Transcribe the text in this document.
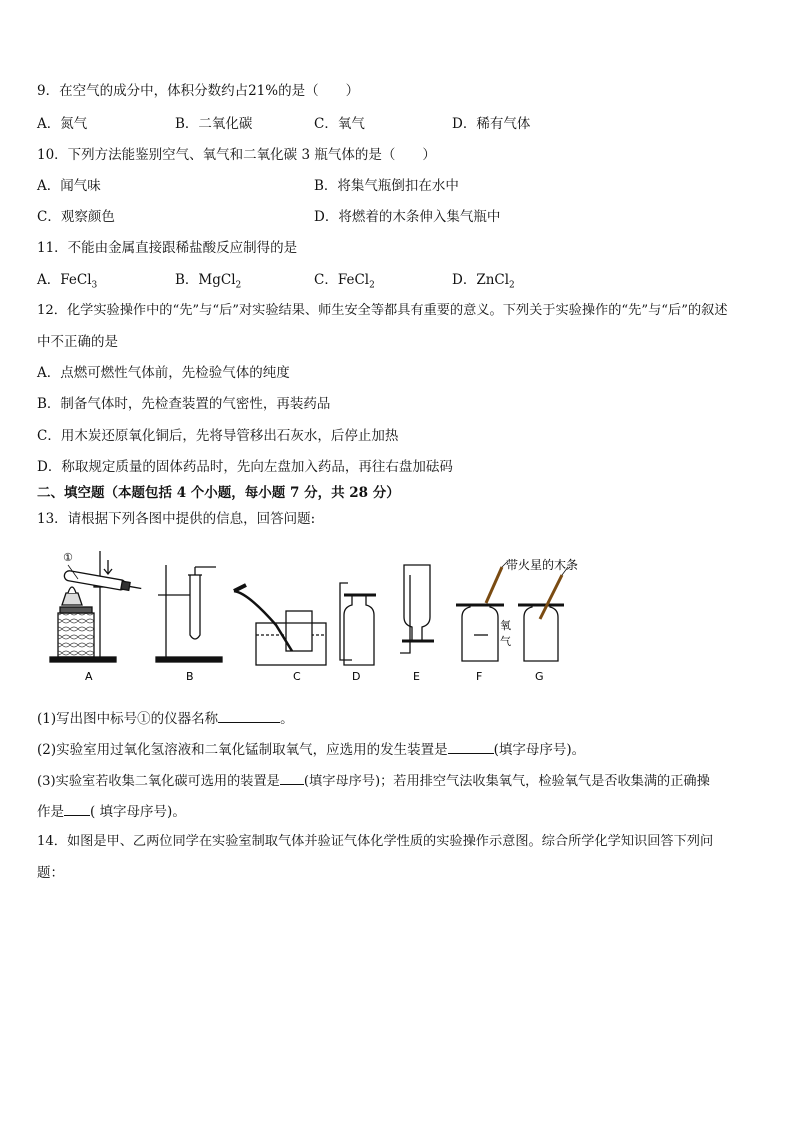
9．在空气的成分中，体积分数约占21%的是（　　）
A．氮气	B．二氧化碳	C．氧气	D．稀有气体
10．下列方法能鉴别空气、氧气和二氧化碳 3 瓶气体的是（　　）
A．闻气味	B．将集气瓶倒扣在水中
C．观察颜色	D．将燃着的木条伸入集气瓶中
11．不能由金属直接跟稀盐酸反应制得的是
A．FeCl$_3$	B．MgCl$_2$	C．FeCl$_2$	D．ZnCl$_2$
12．化学实验操作中的“先”与“后”对实验结果、师生安全等都具有重要的意义。下列关于实验操作的“先”与“后”的叙述
中不正确的是
A．点燃可燃性气体前，先检验气体的纯度
B．制备气体时，先检查装置的气密性，再装药品
C．用木炭还原氧化铜后，先将导管移出石灰水，后停止加热
D．称取规定质量的固体药品时，先向左盘加入药品，再往右盘加砝码
二、填空题（本题包括 4 个小题，每小题 7 分，共 28 分）
13．请根据下列各图中提供的信息，回答问题:
①
带火星的木条
氧
气
A	B	C	D	E	F	G
(1)写出图中标号①的仪器名称	。
(2)实验室用过氧化氢溶液和二氧化锰制取氧气，应选用的发生装置是	(填字母序号)。
(3)实验室若收集二氧化碳可选用的装置是 (填字母序号)；若用排空气法收集氧气，检验氧气是否收集满的正确操
作是 ( 填字母序号)。
14．如图是甲、乙两位同学在实验室制取气体并验证气体化学性质的实验操作示意图。综合所学化学知识回答下列问
题：
